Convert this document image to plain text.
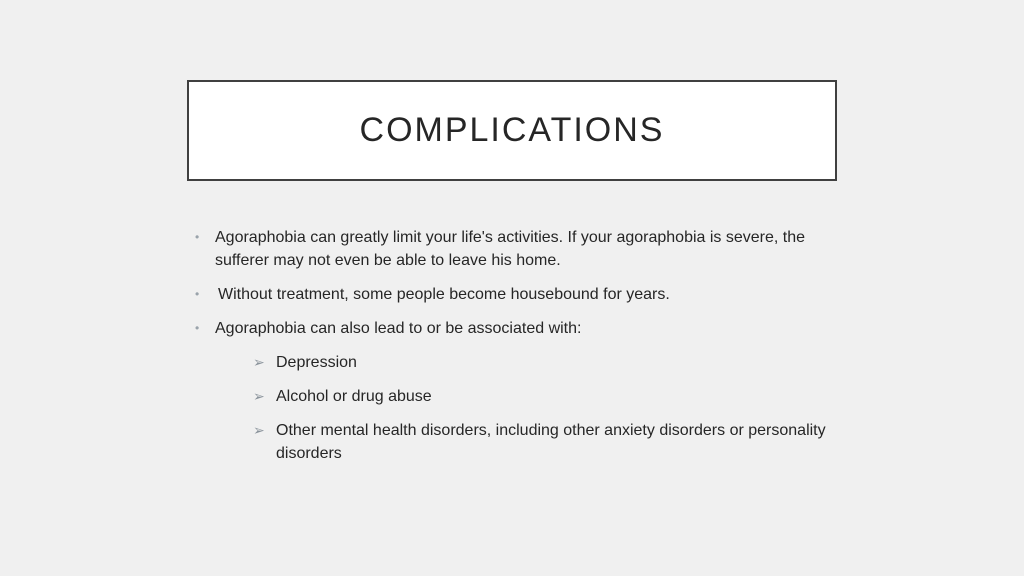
COMPLICATIONS
• Agoraphobia can greatly limit your life's activities. If your agoraphobia is severe, the sufferer may not even be able to leave his home.
• Without treatment, some people become housebound for years.
• Agoraphobia can also lead to or be associated with:
➢ Depression
➢ Alcohol or drug abuse
➢ Other mental health disorders, including other anxiety disorders or personality disorders
